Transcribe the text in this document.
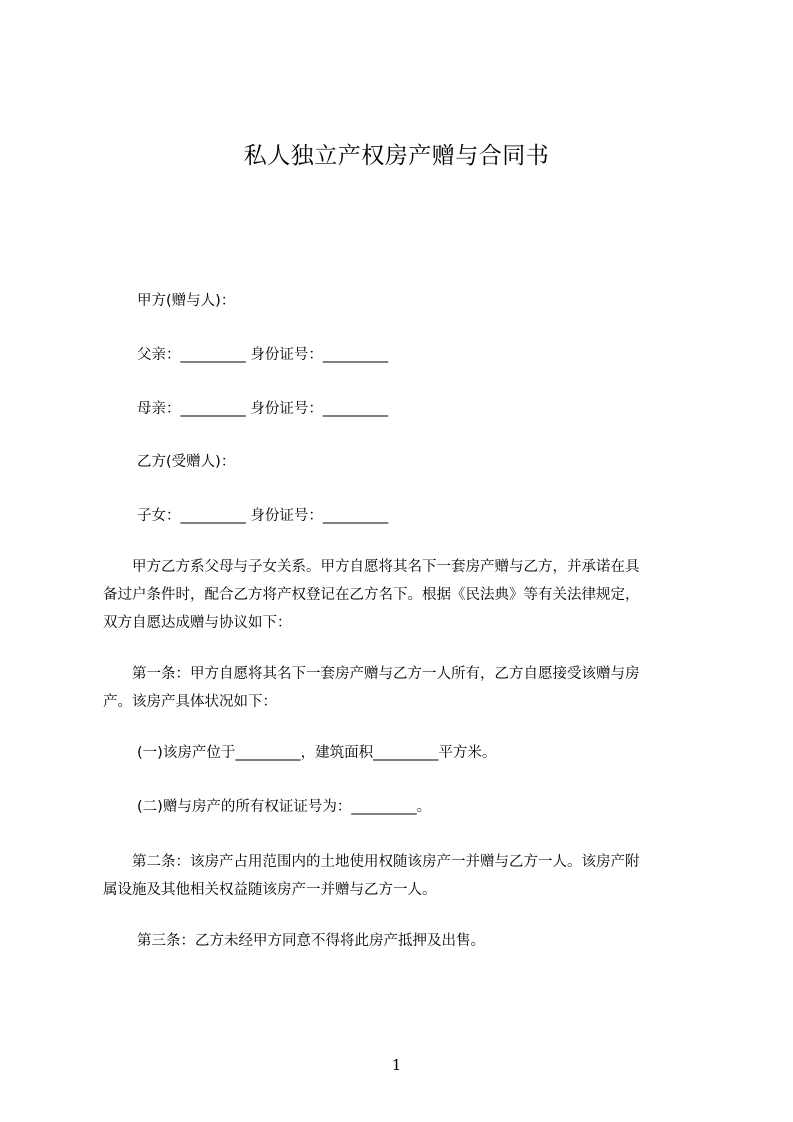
私人独立产权房产赠与合同书
甲方(赠与人)：
父亲：_________ 身份证号：_________
母亲：_________ 身份证号：_________
乙方(受赠人)：
子女：_________ 身份证号：_________
　　甲方乙方系父母与子女关系。甲方自愿将其名下一套房产赠与乙方，并承诺在具
备过户条件时，配合乙方将产权登记在乙方名下。根据《民法典》等有关法律规定，
双方自愿达成赠与协议如下：
　　第一条：甲方自愿将其名下一套房产赠与乙方一人所有，乙方自愿接受该赠与房
产。该房产具体状况如下：
(一)该房产位于_________，建筑面积_________平方米。
(二)赠与房产的所有权证证号为：_________。
　　第二条：该房产占用范围内的土地使用权随该房产一并赠与乙方一人。该房产附
属设施及其他相关权益随该房产一并赠与乙方一人。
第三条：乙方未经甲方同意不得将此房产抵押及出售。
1
